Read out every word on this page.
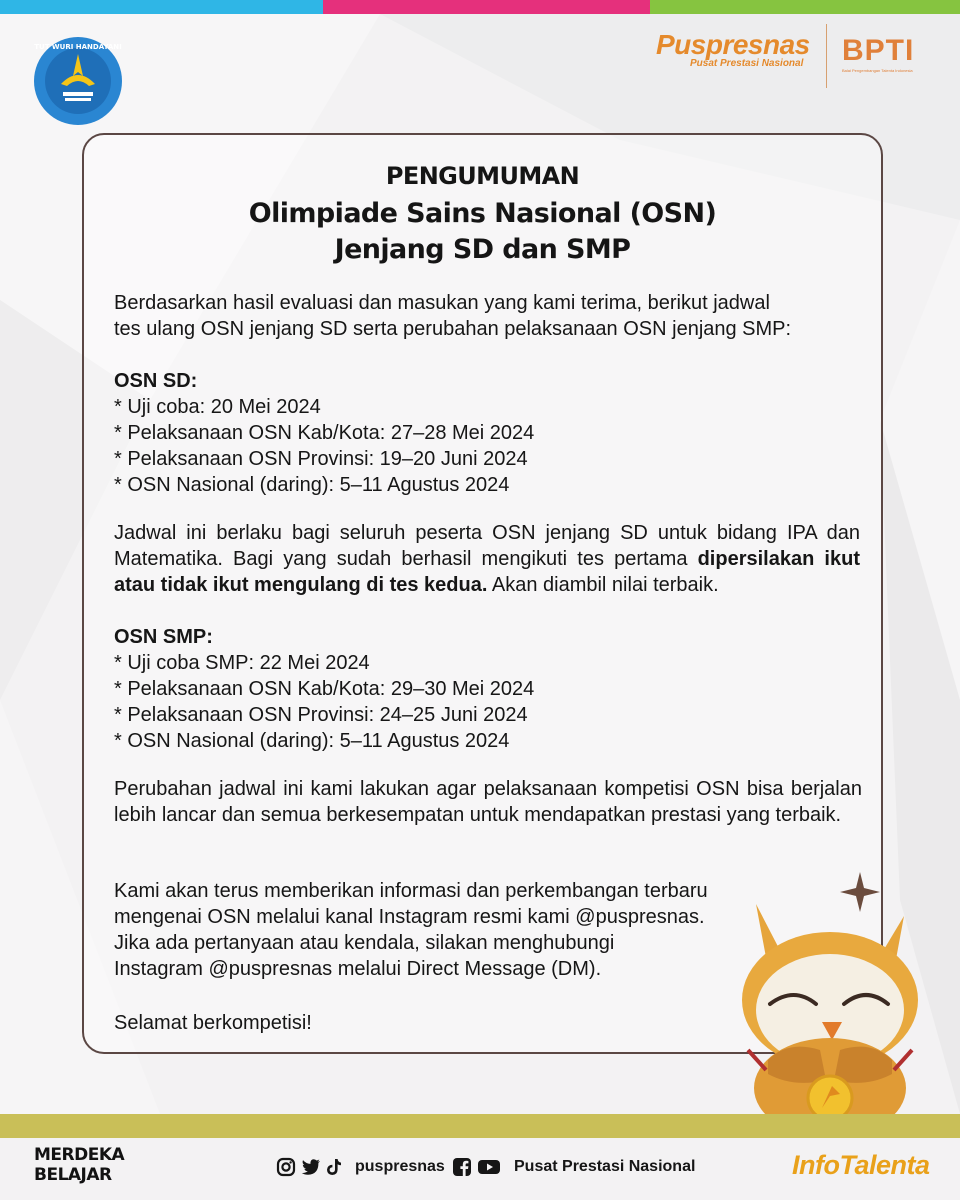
TUT WURI HANDAYANI	Puspresnas
Pusat Prestasi Nasional BPTI
Balai Pengembangan Talenta Indonesia
PENGUMUMAN
Olimpiade Sains Nasional (OSN)
Jenjang SD dan SMP
Berdasarkan hasil evaluasi dan masukan yang kami terima, berikut jadwal
tes ulang OSN jenjang SD serta perubahan pelaksanaan OSN jenjang SMP:
OSN SD:
* Uji coba: 20 Mei 2024
* Pelaksanaan OSN Kab/Kota: 27–28 Mei 2024
* Pelaksanaan OSN Provinsi: 19–20 Juni 2024
* OSN Nasional (daring): 5–11 Agustus 2024
Jadwal ini berlaku bagi seluruh peserta OSN jenjang SD untuk bidang IPA dan Matematika. Bagi yang sudah berhasil mengikuti tes pertama dipersilakan ikut atau tidak ikut mengulang di tes kedua. Akan diambil nilai terbaik.
OSN SMP:
* Uji coba SMP: 22 Mei 2024
* Pelaksanaan OSN Kab/Kota: 29–30 Mei 2024
* Pelaksanaan OSN Provinsi: 24–25 Juni 2024
* OSN Nasional (daring): 5–11 Agustus 2024
Perubahan jadwal ini kami lakukan agar pelaksanaan kompetisi OSN bisa berjalan lebih lancar dan semua berkesempatan untuk mendapatkan prestasi yang terbaik.
Kami akan terus memberikan informasi dan perkembangan terbaru
mengenai OSN melalui kanal Instagram resmi kami @puspresnas.
Jika ada pertanyaan atau kendala, silakan menghubungi
Instagram @puspresnas melalui Direct Message (DM).
Selamat berkompetisi!
MERDEKA
BELAJAR	puspresnas	Pusat Prestasi Nasional	InfoTalenta
